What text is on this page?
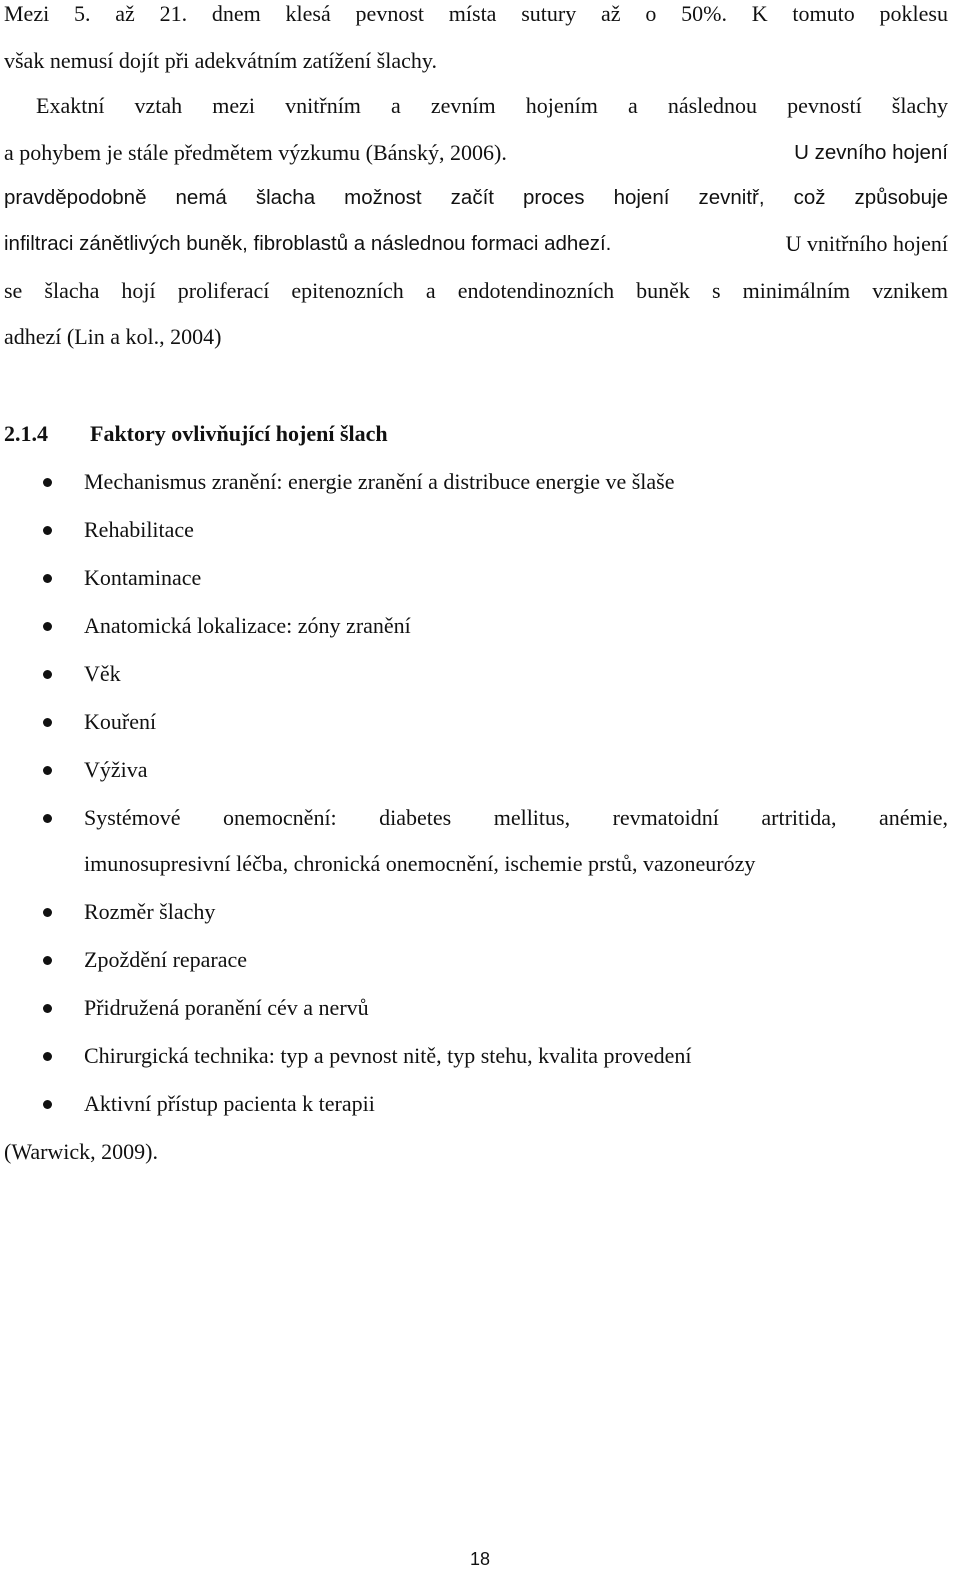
Mezi 5. až 21. dnem klesá pevnost místa sutury až o 50%. K tomuto poklesu
však nemusí dojít při adekvátním zatížení šlachy.
Exaktní vztah mezi vnitřním a zevním hojením a následnou pevností šlachy
a pohybem je stále předmětem výzkumu (Bánský, 2006).	U zevního hojení
pravděpodobně nemá šlacha možnost začít proces hojení zevnitř, což způsobuje
infiltraci zánětlivých buněk, fibroblastů a následnou formaci adhezí.	U vnitřního hojení
se šlacha hojí proliferací epitenozních a endotendinozních buněk s minimálním vznikem
adhezí (Lin a kol., 2004)
2.1.4 Faktory ovlivňující hojení šlach
Mechanismus zranění: energie zranění a distribuce energie ve šlaše
Rehabilitace
Kontaminace
Anatomická lokalizace: zóny zranění
Věk
Kouření
Výživa
Systémové onemocnění: diabetes mellitus, revmatoidní artritida, anémie,
imunosupresivní léčba, chronická onemocnění, ischemie prstů, vazoneurózy
Rozměr šlachy
Zpoždění reparace
Přidružená poranění cév a nervů
Chirurgická technika: typ a pevnost nitě, typ stehu, kvalita provedení
Aktivní přístup pacienta k terapii
(Warwick, 2009).
18
